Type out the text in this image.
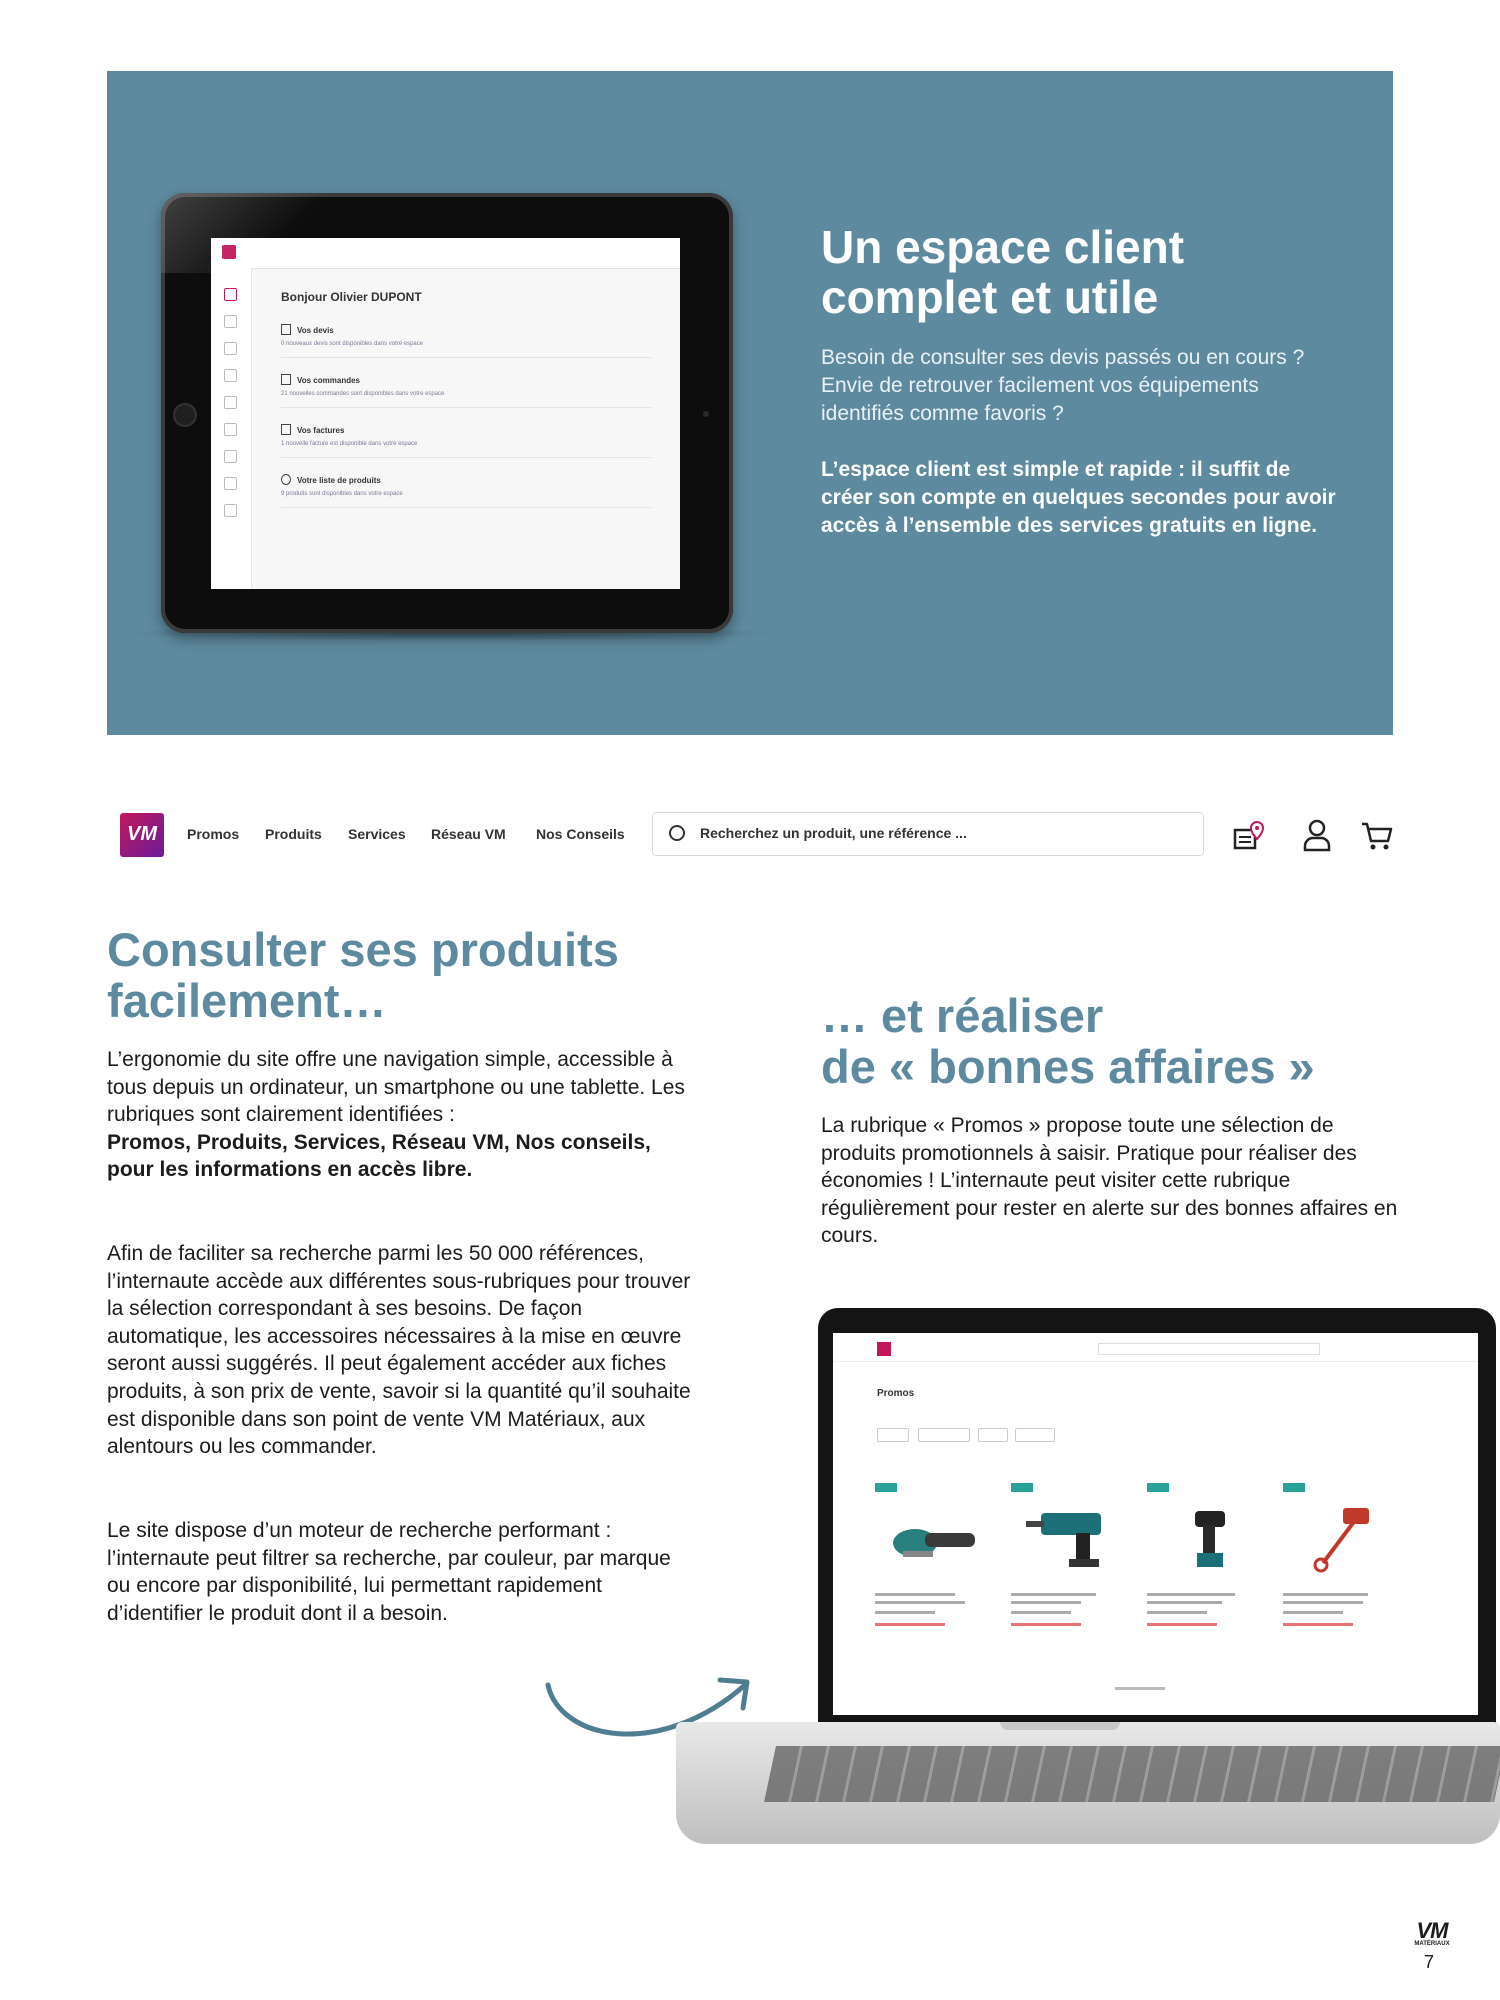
Bonjour Olivier DUPONT
Vos devis
0 nouveaux devis sont disponibles dans votre espace
Vos commandes
21 nouvelles commandes sont disponibles dans votre espace
Vos factures
1 nouvelle facture est disponible dans votre espace
Votre liste de produits
9 produits sont disponibles dans votre espace
Un espace client
complet et utile

Besoin de consulter ses devis passés ou en cours ? Envie de retrouver facilement vos équipements identifiés comme favoris ?

L’espace client est simple et rapide : il suffit de créer son compte en quelques secondes pour avoir accès à l’ensemble des services gratuits en ligne.

VM	Promos Produits Services Réseau VM Nos Conseils	Recherchez un produit, une référence ...
Consulter ses produits
facilement…

L’ergonomie du site offre une navigation simple, accessible à tous depuis un ordinateur, un smartphone ou une tablette. Les rubriques sont clairement identifiées :
Promos, Produits, Services, Réseau VM, Nos conseils, pour les informations en accès libre.

Afin de faciliter sa recherche parmi les 50 000 références, l’internaute accède aux différentes sous-rubriques pour trouver la sélection correspondant à ses besoins. De façon automatique, les accessoires nécessaires à la mise en œuvre seront aussi suggérés. Il peut également accéder aux fiches produits, à son prix de vente, savoir si la quantité qu’il souhaite est disponible dans son point de vente VM Matériaux, aux alentours ou les commander.

Le site dispose d’un moteur de recherche performant : l’internaute peut filtrer sa recherche, par couleur, par marque ou encore par disponibilité, lui permettant rapidement d’identifier le produit dont il a besoin.

… et réaliser
de « bonnes affaires »

La rubrique « Promos » propose toute une sélection de produits promotionnels à saisir. Pratique pour réaliser des économies ! L’internaute peut visiter cette rubrique régulièrement pour rester en alerte sur des bonnes affaires en cours.

Promos
VM
MATÉRIAUX
7
